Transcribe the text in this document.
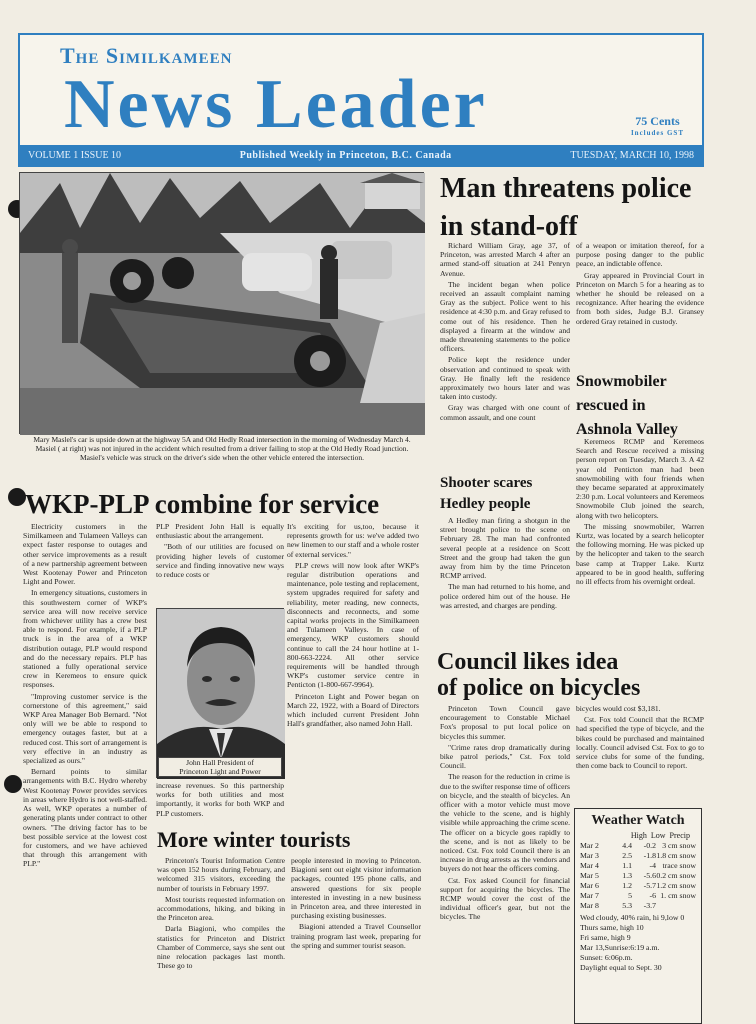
The Similkameen
News Leader	75 Cents
Includes GST
VOLUME 1 ISSUE 10	Published Weekly in Princeton, B.C. Canada	TUESDAY, MARCH 10, 1998
Mary Maslel's car is upside down at the highway 5A and Old Hedly Road intersection in the morning of Wednesday March 4. Masiel ( at right) was not injured in the accident which resulted from a driver failing to stop at the Old Hedly Road junction. Masiel's vehicle was struck on the driver's side when the other vehicle entered the intersection.
Man threatens police in stand-off

Richard William Gray, age 37, of Princeton, was arrested March 4 after an armed stand-off situation at 241 Penryn Avenue.

The incident began when police received an assault complaint naming Gray as the subject. Police went to his residence at 4:30 p.m. and Gray refused to come out of his residence. Then he displayed a firearm at the window and made threatening statements to the police officers.

Police kept the residence under observation and continued to speak with Gray. He finally left the residence approximately two hours later and was taken into custody.

Gray was charged with one count of common assault, and one count

of a weapon or imitation thereof, for a purpose posing danger to the public peace, an indictable offence.

Gray appeared in Provincial Court in Princeton on March 5 for a hearing as to whether he should be released on a recognizance. After hearing the evidence from both sides, Judge B.J. Gransey ordered Gray retained in custody.

Snowmobiler rescued in Ashnola Valley

Keremeos RCMP and Keremeos Search and Rescue received a missing person report on Tuesday, March 3. A 42 year old Penticton man had been snowmobiling with four friends when they became separated at approximately 2:30 p.m. Local volunteers and Keremeos Snowmobile Club joined the search, along with two helicopters.

The missing snowmobiler, Warren Kurtz, was located by a search helicopter the following morning. He was picked up by the helicopter and taken to the search base camp at Trapper Lake. Kurtz appeared to be in good health, suffering no ill effects from his overnight ordeal.

Shooter scares Hedley people

A Hedley man firing a shotgun in the street brought police to the scene on February 28. The man had confronted several people at a residence on Scott Street and the group had taken the gun away from him by the time Princeton RCMP arrived.

The man had returned to his home, and police ordered him out of the house. He was arrested, and charges are pending.

WKP-PLP combine for service

Electricity customers in the Similkameen and Tulameen Valleys can expect faster response to outages and other service improvements as a result of a new partnership agreement between West Kootenay Power and Princeton Light and Power.

In emergency situations, customers in this southwestern corner of WKP's service area will now receive service from whichever utility has a crew best able to respond. For example, if a PLP truck is in the area of a WKP distribution outage, PLP would respond and do the necessary repairs. PLP has stationed a fully operational service crew in Keremeos to ensure quick responses.

"Improving customer service is the cornerstone of this agreement," said WKP Area Manager Bob Bernard. "Not only will we be able to respond to emergency outages faster, but at a reduced cost. This sort of arrangement is very effective in an industry as specialized as ours."

Bernard points to similar arrangements with B.C. Hydro whereby West Kootenay Power provides services in areas where Hydro is not well-staffed. As well, WKP operates a number of generating plants under contract to other owners. "The driving factor has to be best possible service at the lowest cost for customers, and we have achieved that through this arrangement with PLP."

PLP President John Hall is equally enthusiastic about the arrangement.

"Both of our utilities are focused on providing higher levels of customer service and finding innovative new ways to reduce costs or

John Hall President of
Princeton Light and Power

increase revenues. So this partnership works for both utilities and most importantly, it works for both WKP and PLP customers.

It's exciting for us,too, because it represents growth for us: we've added two new linemen to our staff and a whole roster of external services."

PLP crews will now look after WKP's regular distribution operations and maintenance, pole testing and replacement, system upgrades required for safety and reliability, meter reading, new connects, disconnects and reconnects, and some capital works projects in the Similkameen and Tulameen Valleys. In case of emergency, WKP customers should continue to call the 24 hour hotline at 1-800-663-2224. All other service requirements will be handled through WKP's customer service centre in Penticton (1-800-667-9964).

Princeton Light and Power began on March 22, 1922, with a Board of Directors which included current President John Hall's grandfather, also named John Hall.

Council likes idea
of police on bicycles

Princeton Town Council gave encouragement to Constable Michael Fox's proposal to put local police on bicycles this summer.

"Crime rates drop dramatically during bike patrol periods," Cst. Fox told Council.

The reason for the reduction in crime is due to the swifter response time of officers on bicycle, and the stealth of bicycles. An officer with a motor vehicle must move the vehicle to the scene, and is highly visible while approaching the crime scene. The officer on a bicycle goes rapidly to the scene, and is not as likely to be noticed. Cst. Fox told Council there is an increase in drug arrests as the vendors and buyers do not hear the officers coming.

Cst. Fox asked Council for financial support for acquiring the bicycles. The RCMP would cover the cost of the individual officer's gear, but not the bicycles. The

bicycles would cost $3,181.

Cst. Fox told Council that the RCMP had specified the type of bicycle, and the bikes could be purchased and maintained locally. Council advised Cst. Fox to go to service clubs for some of the funding, then come back to Council to report.

More winter tourists

Princeton's Tourist Information Centre was open 152 hours during February, and welcomed 315 visitors, exceeding the number of tourists in February 1997.

Most tourists requested information on accommodations, hiking, and biking in the Princeton area.

Darla Biagioni, who compiles the statistics for Princeton and District Chamber of Commerce, says she sent out nine relocation packages last month. These go to

people interested in moving to Princeton. Biagioni sent out eight visitor information packages, counted 195 phone calls, and answered questions for six people interested in investing in a new business in Princeton area, and three interested in purchasing existing businesses.

Biagioni attended a Travel Counsellor training program last week, preparing for the spring and summer tourist season.

Weather Watch
High  Low  Precip
Mar 2	4.4	-0.2 3 cm snow
Mar 3	2.5	-1.8 1.8 cm snow
Mar 4	1.1	-4 trace snow
Mar 5	1.3	-5.6 0.2 cm snow
Mar 6	1.2	-5.7 1.2 cm snow
Mar 7	5	-6 1. cm snow
Mar 8	5.3	-3.7
Wed cloudy, 40% rain, hi 9,low 0
Thurs same, high 10
Fri same, high 9
Mar 13,Sunrise:6:19 a.m.
Sunset: 6:06p.m.
Daylight equal to Sept. 30
